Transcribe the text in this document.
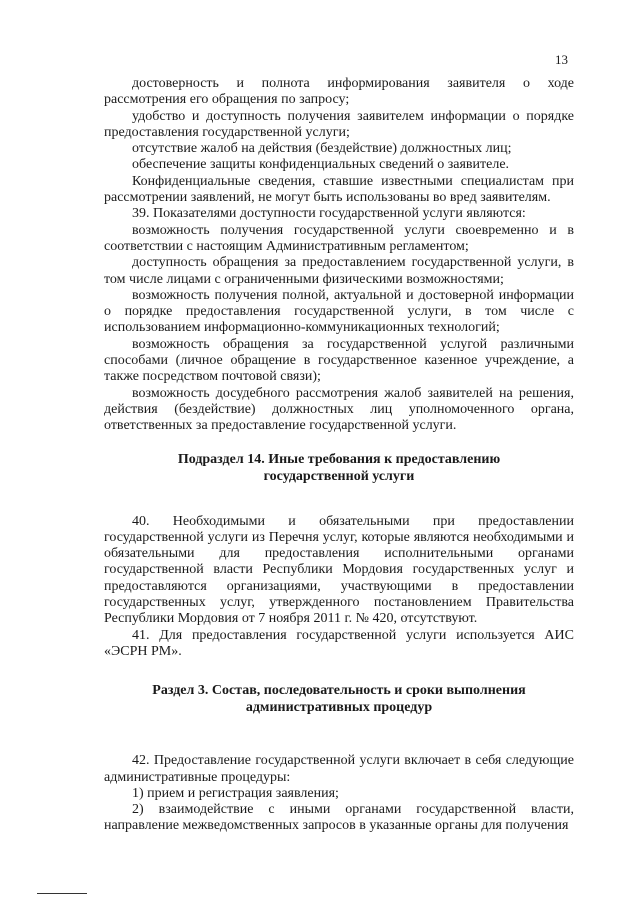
13

достоверность и полнота информирования заявителя о ходе рассмотрения его обращения по запросу;

удобство и доступность получения заявителем информации о порядке предоставления государственной услуги;

отсутствие жалоб на действия (бездействие) должностных лиц;

обеспечение защиты конфиденциальных сведений о заявителе.

Конфиденциальные сведения, ставшие известными специалистам при рассмотрении заявлений, не могут быть использованы во вред заявителям.

39. Показателями доступности государственной услуги являются:

возможность получения государственной услуги своевременно и в соответствии с настоящим Административным регламентом;

доступность обращения за предоставлением государственной услуги, в том числе лицами с ограниченными физическими возможностями;

возможность получения полной, актуальной и достоверной информации о порядке предоставления государственной услуги, в том числе с использованием информационно-коммуникационных технологий;

возможность обращения за государственной услугой различными способами (личное обращение в государственное казенное учреждение, а также посредством почтовой связи);

возможность досудебного рассмотрения жалоб заявителей на решения, действия (бездействие) должностных лиц уполномоченного органа, ответственных за предоставление государственной услуги.

Подраздел 14. Иные требования к предоставлению
государственной услуги

40. Необходимыми и обязательными при предоставлении государственной услуги из Перечня услуг, которые являются необходимыми и обязательными для предоставления исполнительными органами государственной власти Республики Мордовия государственных услуг и предоставляются организациями, участвующими в предоставлении государственных услуг, утвержденного постановлением Правительства Республики Мордовия от 7 ноября 2011 г. № 420, отсутствуют.

41. Для предоставления государственной услуги используется АИС «ЭСРН РМ».

Раздел 3. Состав, последовательность и сроки выполнения
административных процедур

42. Предоставление государственной услуги включает в себя следующие административные процедуры:

1) прием и регистрация заявления;

2) взаимодействие с иными органами государственной власти, направление межведомственных запросов в указанные органы для получения
